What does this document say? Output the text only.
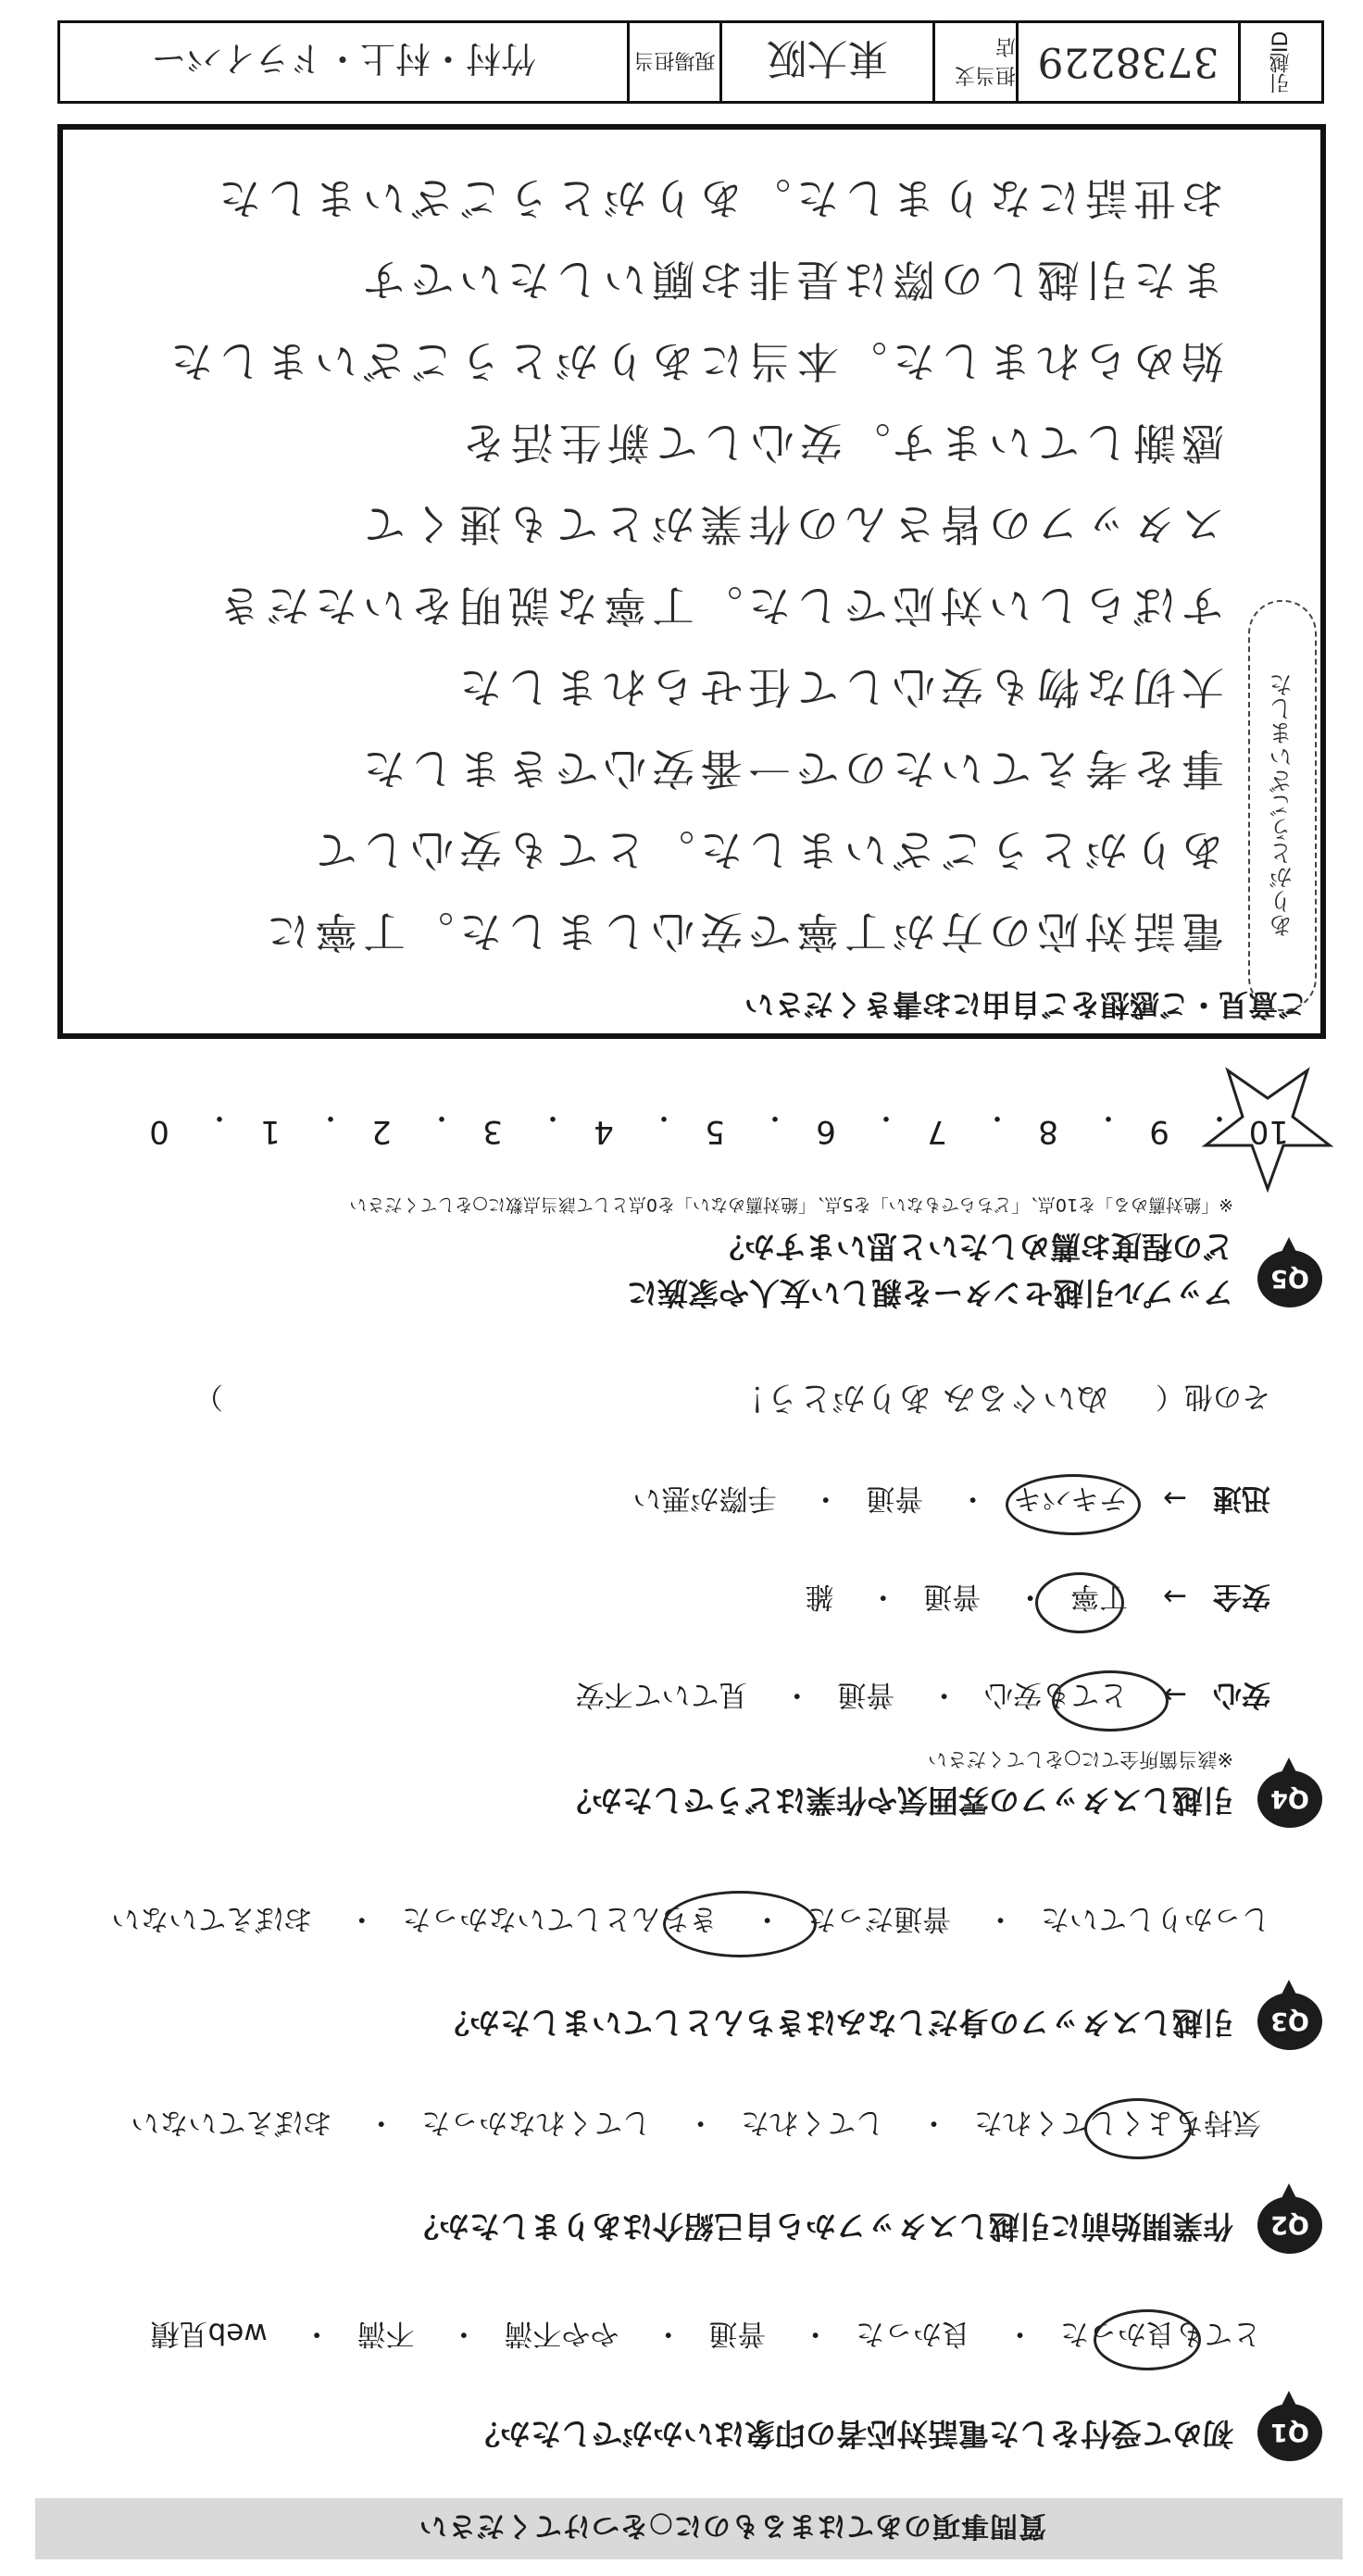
質問事項のあてはまるものに○をつけてください
Q1
初めて受付をした電話対応者の印象はいかがでしたか？
とても良かった・ 良かった・ 普通・ やや不満・ 不満・ web見積
Q2
作業開始前に引越しスタッフから自己紹介はありましたか？
気持ちよくしてくれた・ してくれた・ してくれなかった・ おぼえていない
Q3
引越しスタッフの身だしなみはきちんとしていましたか？
しっかりしていた・ 普通だった・ きちんとしていなかった・ おぼえていない
Q4
引越しスタッフの雰囲気や作業はどうでしたか？
※該当箇所全てに○をしてください
安心→ とても安心・ 普通・ 見ていて不安
安全→ 丁寧・ 普通・ 雑
迅速→ テキパキ・ 普通・ 手際が悪い
その他（ ぬいぐるみ ありがとう！ ）
Q5
アップル引越センターを親しい友人や家族に
どの程度お薦めしたいと思いますか？
※「絶対薦める」を10点、「どちらでもない」を5点、「絶対薦めない」を0点として該当点数に○をしてください
10
・
9
・
8
・
7
・
6
・
5
・
4
・
3
・
2
・
1
・
0
ご意見・ご感想をご自由にお書きください
電話対応の方が丁寧で安心しました。丁寧に
ありがとうございました。とても安心して
事を考えていたので一番安心できました
大切な物も安心して任せられました
すばらしい対応でした。丁寧な説明をいただき
スタッフの皆さんの作業がとても速くて
感謝しています。安心して新生活を
始められました。本当にありがとうございました
また引越しの際は是非お願いしたいです
お世話になりました。ありがとうございました
ありがとうございました
引越ID
3738229
担当支店
東大阪
現場担当
竹村・村上・ドライバー
